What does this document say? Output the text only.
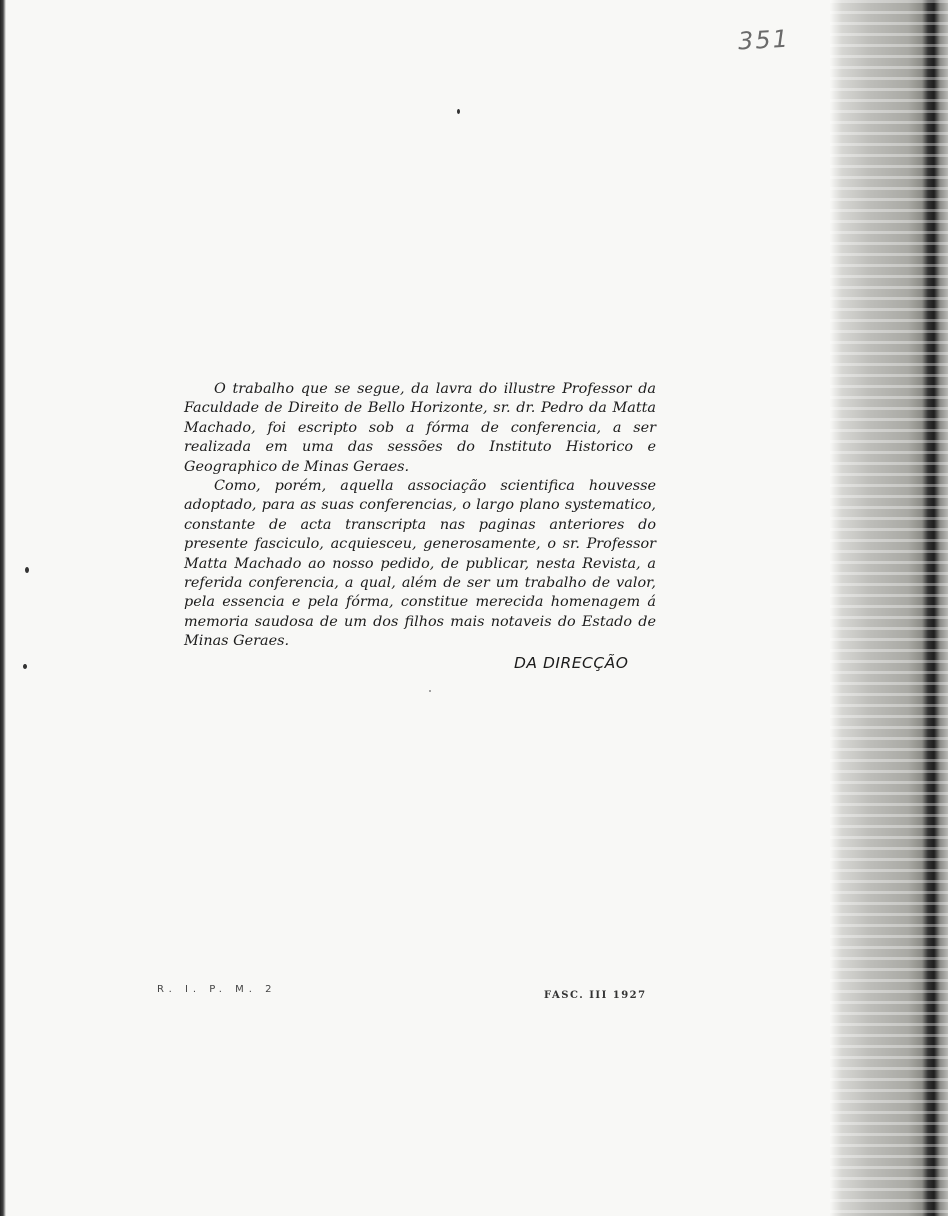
351

O trabalho que se segue, da lavra do illustre Professor da Faculdade de Direito de Bello Horizonte, sr. dr. Pedro da Matta Machado, foi escripto sob a fórma de conferencia, a ser realizada em uma das sessões do Instituto Historico e Geographico de Minas Geraes.

Como, porém, aquella associação scientifica houvesse adoptado, para as suas conferencias, o largo plano systematico, constante de acta transcripta nas paginas anteriores do presente fasciculo, acquiesceu, generosamente, o sr. Professor Matta Machado ao nosso pedido, de publicar, nesta Revista, a referida conferencia, a qual, além de ser um trabalho de valor, pela essencia e pela fórma, constitue merecida homenagem á memoria saudosa de um dos filhos mais notaveis do Estado de Minas Geraes.

DA DIRECÇÃO
R. I. P. M. 2
FASC. III 1927
